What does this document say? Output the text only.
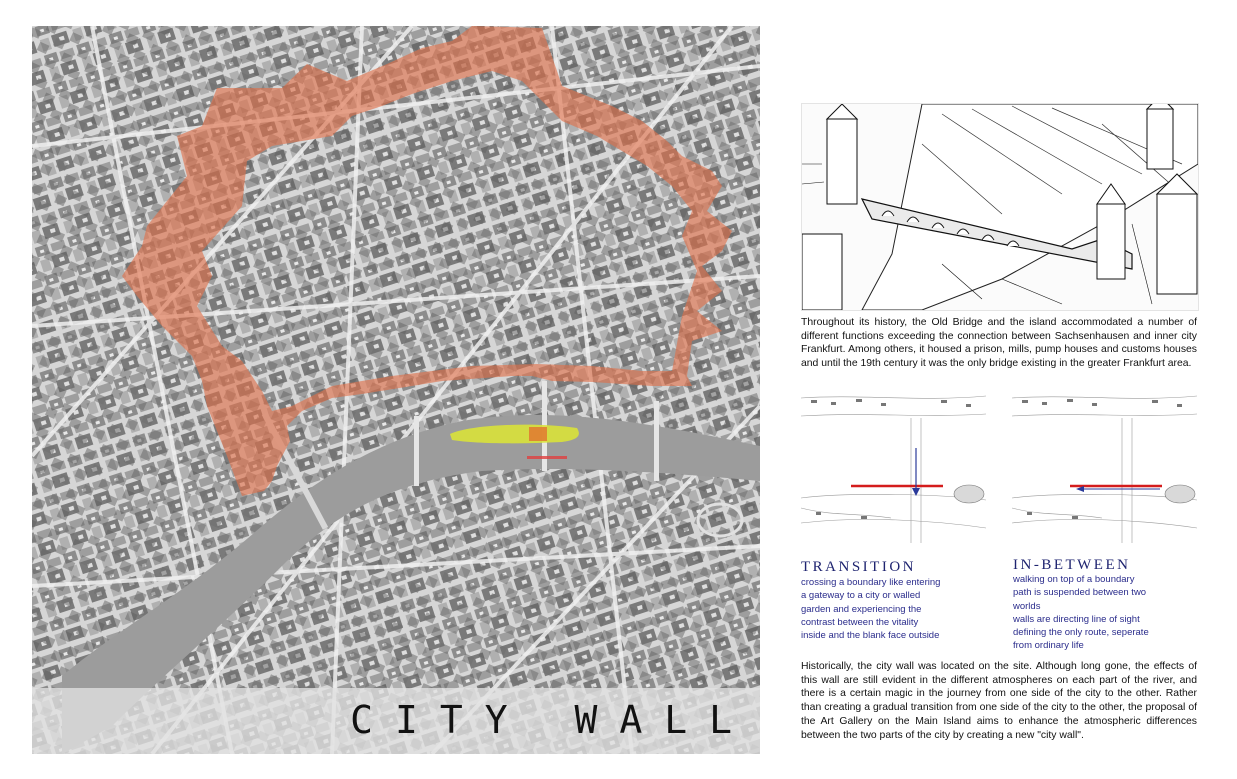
CITY WALL

Throughout its history, the Old Bridge and the island accommodated a number of different functions exceeding the connection between Sachsenhausen and inner city Frankfurt. Among others, it housed a prison, mills, pump houses and customs houses and until the 19th century it was the only bridge existing in the greater Frankfurt area.

TRANSITION
crossing a boundary like entering
a gateway to a city or walled
garden and experiencing the
contrast between the vitality
inside and the blank face outside
IN-BETWEEN
walking on top of a boundary
path is suspended between two
worlds
walls are directing line of sight
defining the only route, seperate
from ordinary life

Historically, the city wall was located on the site. Although long gone, the effects of this wall are still evident in the different atmospheres on each part of the river, and there is a certain magic in the journey from one side of the city to the other. Rather than creating a gradual transition from one side of the city to the other, the proposal of the Art Gallery on the Main Island aims to enhance the atmospheric differences between the two parts of the city by creating a new "city wall".
